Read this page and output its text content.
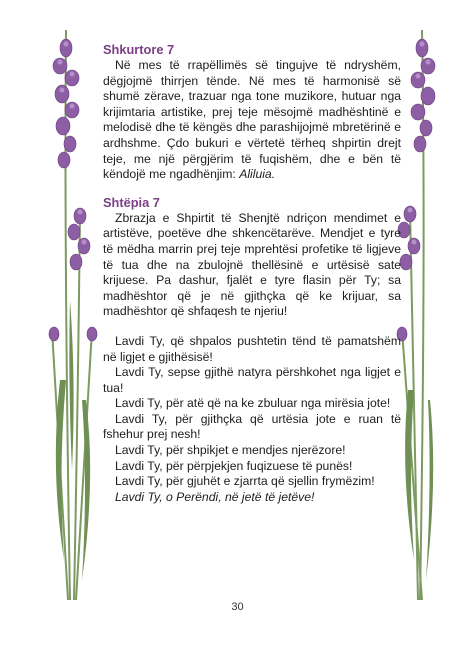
Shkurtore 7

Në mes të rrapëllimës së tingujve të ndryshëm, dëgjojmë thirrjen tënde. Në mes të harmonisë së shumë zërave, trazuar nga tone muzikore, hutuar nga krijimtaria artistike, prej teje mësojmë madhështinë e melodisë dhe të këngës dhe parashijojmë mbretërinë e ardhshme. Çdo bukuri e vërtetë tërheq shpirtin drejt teje, me një përgjërim të fuqishëm, dhe e bën të këndojë me ngadhënjim: Aliluia.

Shtëpia 7

Zbrazja e Shpirtit të Shenjtë ndriçon mendimet e artistëve, poetëve dhe shkencëtarëve. Mendjet e tyre të mëdha marrin prej teje mprehtësi profetike të ligjeve të tua dhe na zbulojnë thellësinë e urtësisë sate krijuese. Pa dashur, fjalët e tyre flasin për Ty; sa madhështor që je në gjithçka që ke krijuar, sa madhështor që shfaqesh te njeriu!

Lavdi Ty, që shpalos pushtetin tënd të pamatshëm në ligjet e gjithësisë!

Lavdi Ty, sepse gjithë natyra përshkohet nga ligjet e tua!

Lavdi Ty, për atë që na ke zbuluar nga mirësia jote!

Lavdi Ty, për gjithçka që urtësia jote e ruan të fshehur prej nesh!

Lavdi Ty, për shpikjet e mendjes njerëzore!

Lavdi Ty, për përpjekjen fuqizuese të punës!

Lavdi Ty, për gjuhët e zjarrta që sjellin frymëzim!

Lavdi Ty, o Perëndi, në jetë të jetëve!

30
